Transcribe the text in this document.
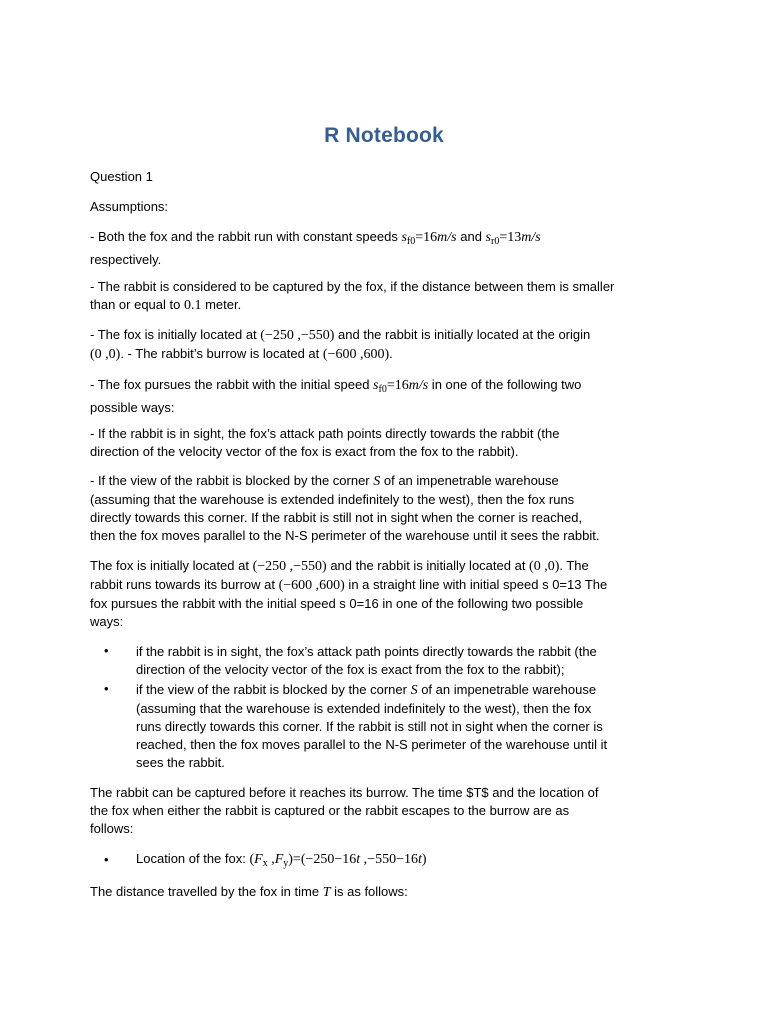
R Notebook
Question 1
Assumptions:
- Both the fox and the rabbit run with constant speeds $s_{f0}=16m/s$ and $s_{r0}=13m/s$
respectively.
- The rabbit is considered to be captured by the fox, if the distance between them is smaller
than or equal to 0.1 meter.
- The fox is initially located at (−250 ,−550) and the rabbit is initially located at the origin
(0 ,0). - The rabbit’s burrow is located at (−600 ,600).
- The fox pursues the rabbit with the initial speed $s_{f0}=16m/s$ in one of the following two
possible ways:
- If the rabbit is in sight, the fox’s attack path points directly towards the rabbit (the
direction of the velocity vector of the fox is exact from the fox to the rabbit).
- If the view of the rabbit is blocked by the corner S of an impenetrable warehouse
(assuming that the warehouse is extended indefinitely to the west), then the fox runs
directly towards this corner. If the rabbit is still not in sight when the corner is reached,
then the fox moves parallel to the N-S perimeter of the warehouse until it sees the rabbit.
The fox is initially located at (−250 ,−550) and the rabbit is initially located at (0 ,0). The
rabbit runs towards its burrow at (−600 ,600) in a straight line with initial speed s 0=13 The
fox pursues the rabbit with the initial speed s 0=16 in one of the following two possible
ways:
•	if the rabbit is in sight, the fox’s attack path points directly towards the rabbit (the
direction of the velocity vector of the fox is exact from the fox to the rabbit);
•	if the view of the rabbit is blocked by the corner S of an impenetrable warehouse
(assuming that the warehouse is extended indefinitely to the west), then the fox
runs directly towards this corner. If the rabbit is still not in sight when the corner is
reached, then the fox moves parallel to the N-S perimeter of the warehouse until it
sees the rabbit.
The rabbit can be captured before it reaches its burrow. The time $T$ and the location of
the fox when either the rabbit is captured or the rabbit escapes to the burrow are as
follows:
•	Location of the fox: ($F_x$ $,F_y)=(-250-16t$ ,−550−16t)
The distance travelled by the fox in time T is as follows:
